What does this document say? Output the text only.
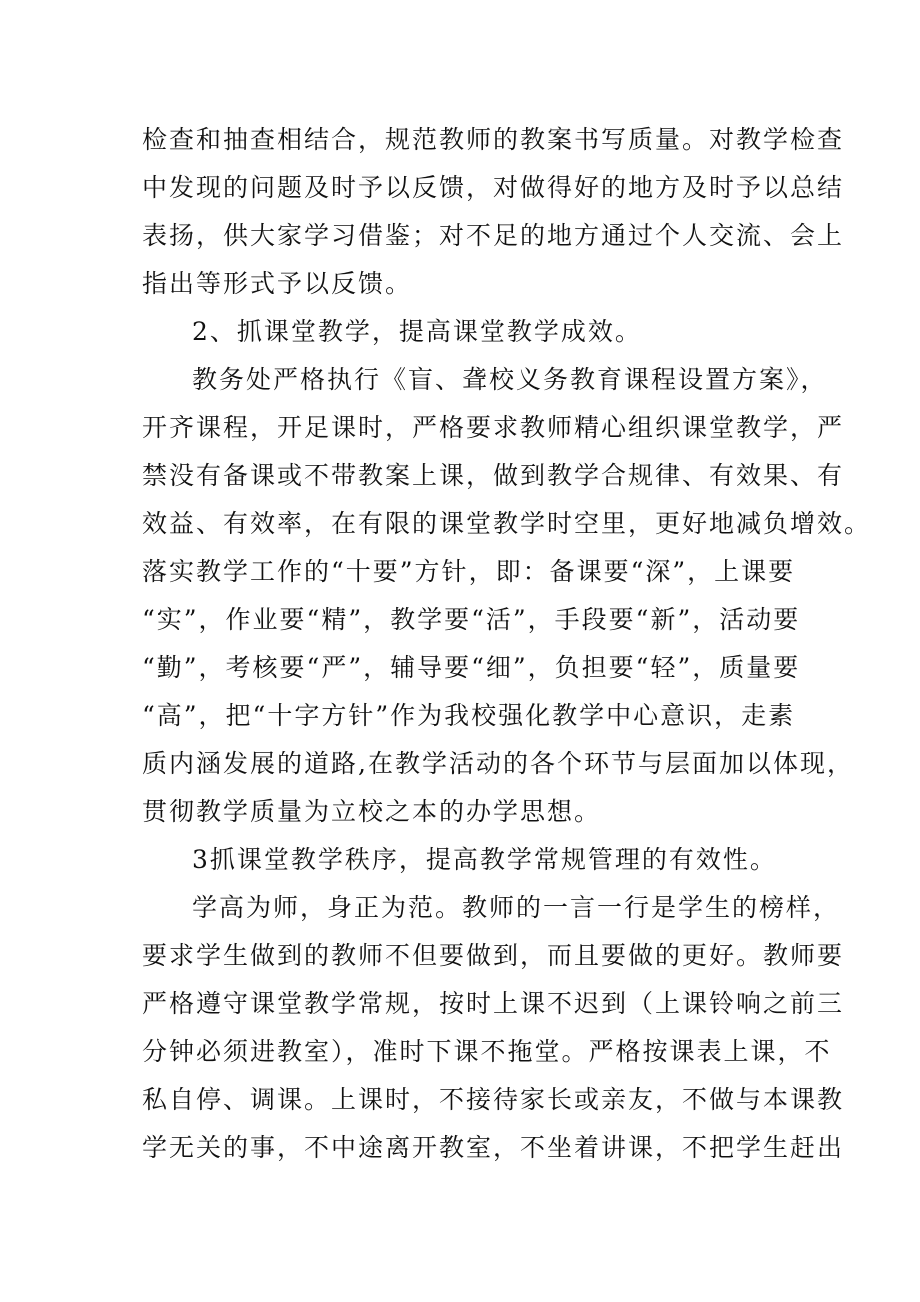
检查和抽查相结合，规范教师的教案书写质量。对教学检查
中发现的问题及时予以反馈，对做得好的地方及时予以总结
表扬，供大家学习借鉴；对不足的地方通过个人交流、会上
指出等形式予以反馈。

2、抓课堂教学，提高课堂教学成效。

教务处严格执行《盲、聋校义务教育课程设置方案》，
开齐课程，开足课时，严格要求教师精心组织课堂教学，严
禁没有备课或不带教案上课，做到教学合规律、有效果、有
效益、有效率，在有限的课堂教学时空里，更好地减负增效。
落实教学工作的“十要”方针，即：备课要“深”，上课要
“实”，作业要“精”，教学要“活”，手段要“新”，活动要
“勤”，考核要“严”，辅导要“细”，负担要“轻”，质量要
“高”，把“十字方针”作为我校强化教学中心意识，走素
质内涵发展的道路,在教学活动的各个环节与层面加以体现，
贯彻教学质量为立校之本的办学思想。

3抓课堂教学秩序，提高教学常规管理的有效性。

学高为师，身正为范。教师的一言一行是学生的榜样，
要求学生做到的教师不但要做到，而且要做的更好。教师要
严格遵守课堂教学常规，按时上课不迟到（上课铃响之前三
分钟必须进教室），准时下课不拖堂。严格按课表上课，不
私自停、调课。上课时，不接待家长或亲友，不做与本课教
学无关的事，不中途离开教室，不坐着讲课，不把学生赶出
